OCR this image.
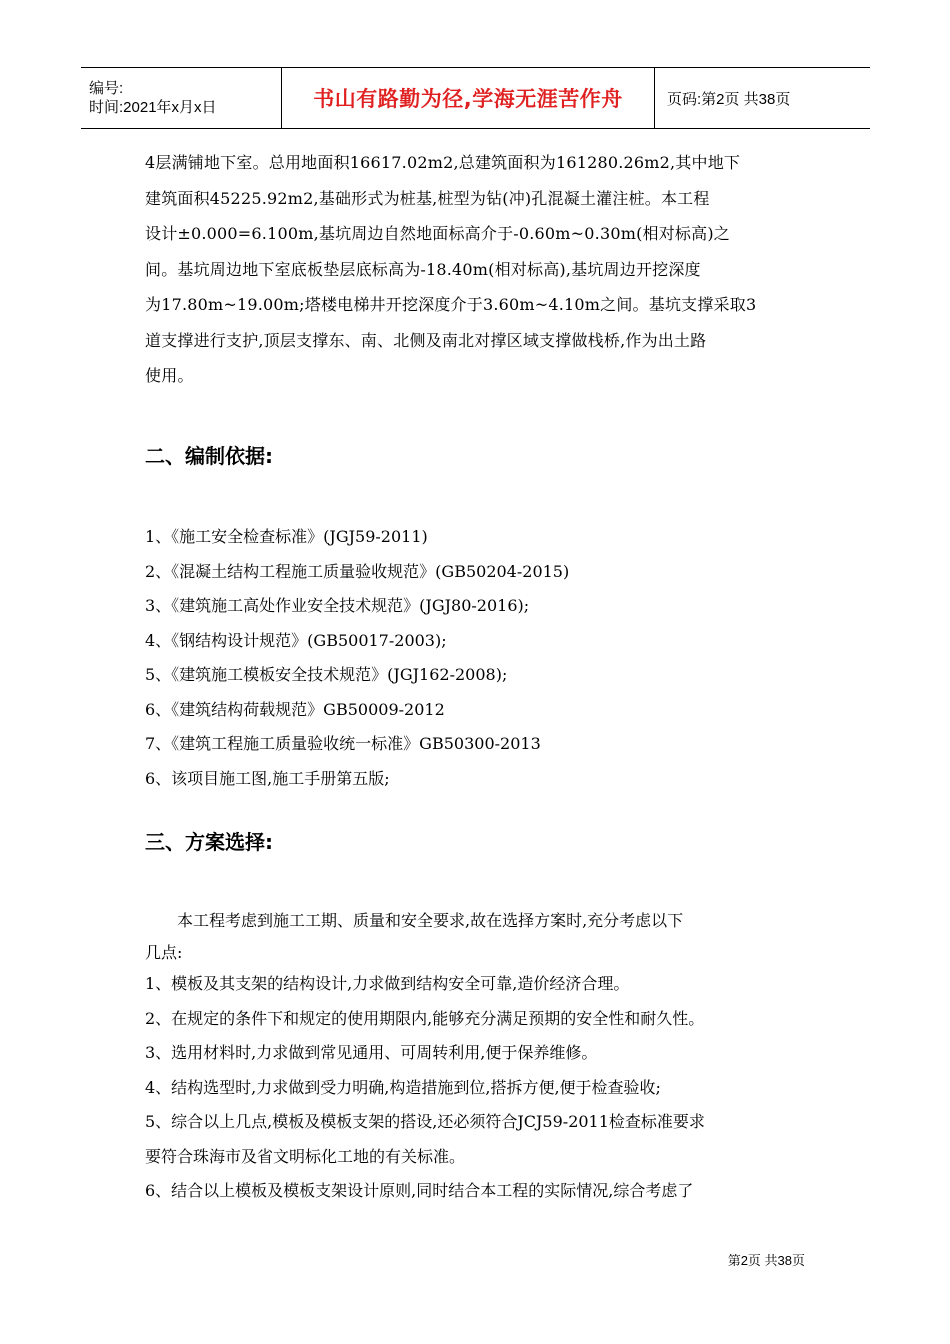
编号:
时间:2021年x月x日	书山有路勤为径,学海无涯苦作舟	页码:第2页 共38页

4层满铺地下室。总用地面积16617.02m2,总建筑面积为161280.26m2,其中地下

建筑面积45225.92m2,基础形式为桩基,桩型为钻(冲)孔混凝土灌注桩。本工程

设计±0.000=6.100m,基坑周边自然地面标高介于-0.60m~0.30m(相对标高)之

间。基坑周边地下室底板垫层底标高为-18.40m(相对标高),基坑周边开挖深度

为17.80m~19.00m;塔楼电梯井开挖深度介于3.60m~4.10m之间。基坑支撑采取3

道支撑进行支护,顶层支撑东、南、北侧及南北对撑区域支撑做栈桥,作为出土路

使用。

二、编制依据:

1、《施工安全检查标准》(JGJ59-2011)

2、《混凝土结构工程施工质量验收规范》(GB50204-2015)

3、《建筑施工高处作业安全技术规范》(JGJ80-2016);

4、《钢结构设计规范》(GB50017-2003);

5、《建筑施工模板安全技术规范》(JGJ162-2008);

6、《建筑结构荷载规范》GB50009-2012

7、《建筑工程施工质量验收统一标准》GB50300-2013

6、该项目施工图,施工手册第五版;

三、方案选择:

本工程考虑到施工工期、质量和安全要求,故在选择方案时,充分考虑以下

几点:

1、模板及其支架的结构设计,力求做到结构安全可靠,造价经济合理。

2、在规定的条件下和规定的使用期限内,能够充分满足预期的安全性和耐久性。

3、选用材料时,力求做到常见通用、可周转利用,便于保养维修。

4、结构选型时,力求做到受力明确,构造措施到位,搭拆方便,便于检查验收;

5、综合以上几点,模板及模板支架的搭设,还必须符合JCJ59-2011检查标准要求

要符合珠海市及省文明标化工地的有关标准。

6、结合以上模板及模板支架设计原则,同时结合本工程的实际情况,综合考虑了

第2页 共38页
